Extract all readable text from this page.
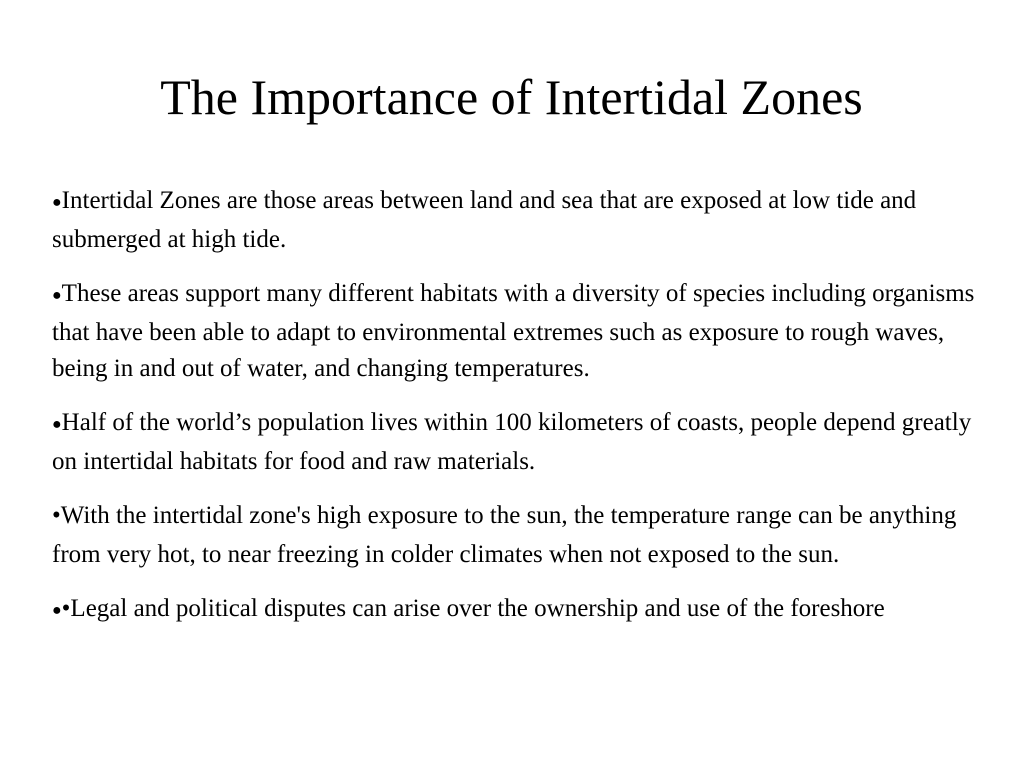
The Importance of Intertidal Zones

●Intertidal Zones are those areas between land and sea that are exposed at low tide and submerged at high tide.

●These areas support many different habitats with a diversity of species including organisms that have been able to adapt to environmental extremes such as exposure to rough waves, being in and out of water, and changing temperatures.

●Half of the world’s population lives within 100 kilometers of coasts, people depend greatly on intertidal habitats for food and raw materials.

•With the intertidal zone's high exposure to the sun, the temperature range can be anything from very hot, to near freezing in colder climates when not exposed to the sun.

●•Legal and political disputes can arise over the ownership and use of the foreshore
